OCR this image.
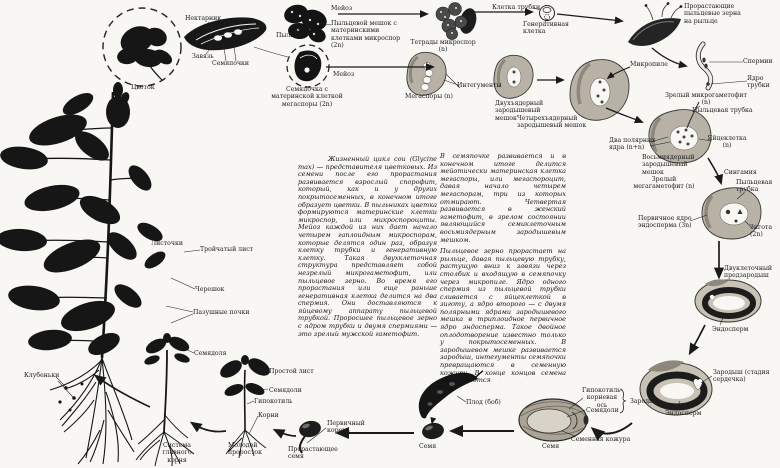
Нектарник
Завязь
Семяпочки
Цветок
Пыльник
Мейоз
Пыльцевой мешок с материнскими клетками микроспор (2n)	Тетрады микроспор (n)
Клетка трубки
Генеративная клетка
Прорастающие пыльцевые зерна на рыльце
Спермии
Ядро трубки
Зрелый микрогаметофит (n)
Семяпочка с материнской клеткой мегаспоры (2n)
Мейоз
Мегаспоры (n)
Интегументы
Двухъядерный зародышевый мешок
Микропиле
Четырехъядерный зародышевый мешок
Два полярных ядра (n+n)
Пыльцевая трубка
Яйцеклетка (n)
Восьмиядерный зародышевый мешок
Зрелый мегагаметофит (n)
Сингамия
Пыльцевая трубка
Первичное ядро эндосперма (3n)	Зигота (2n)
Двуклеточный предзародыш
Эндосперм
Зародыш (стадия сердечка)
Эндосперм
Зародыш
Гипокотиль-корневая ось
Семядоли
Семенная кожура
Семя
Плод (боб)
Семя
Первичный корень
Прорастающее семя
Простой лист
Семядоли
Гипокотиль
Корни
Молодой проросток
Семядоля
Система главного корня
Клубеньки
Листочки
Тройчатый лист
Черешок
Пазушные почки

Жизненный цикл сои (Glycine max) — представителя цветковых. Из семени после его прорастания развивается взрослый спорофит, который, как и у других покрытосеменных, в конечном итоге образует цветки. В пыльниках цветка формируются материнские клетки микроспор, или микроспороциты. Мейоз каждой из них дает начало четырем гаплоидным микроспорам, которые делятся один раз, образуя клетку трубки и генеративную клетку. Такая двухклеточная структура представляет собой незрелый микрогаметофит, или пыльцевое зерно. Во время его прорастания или еще раньше генеративная клетка делится на два спермия. Они доставляются к яйцевому аппарату пыльцевой трубкой. Проросшее пыльцевое зерно с ядром трубки и двумя спермиями — это зрелый мужской гаметофит.

В семяпочке развивается и в конечном итоге делится мейотически материнская клетка мегаспоры, или мегаспороцит, давая начало четырем мегаспорам, три из которых отмирают. Четвертая развивается в женский гаметофит, в зрелом состоянии являющийся семиклеточным восьмиядерным зародышевым мешком.

Пыльцевое зерно прорастает на рыльце, давая пыльцевую трубку, растущую вниз к завязи через столбик и входящую в семяпочку через микропиле. Ядро одного спермия из пыльцевой трубки сливается с яйцеклеткой в зиготу, а ядро второго — с двумя полярными ядрами зародышевого мешка в триплоидное первичное ядро эндосперма. Такое двойное оплодотворение известно только у покрытосеменных. В зародышевом мешке развивается зародыш, интегументы семяпочки превращаются в семенную кожуру. В конце концов семена рассеиваются
